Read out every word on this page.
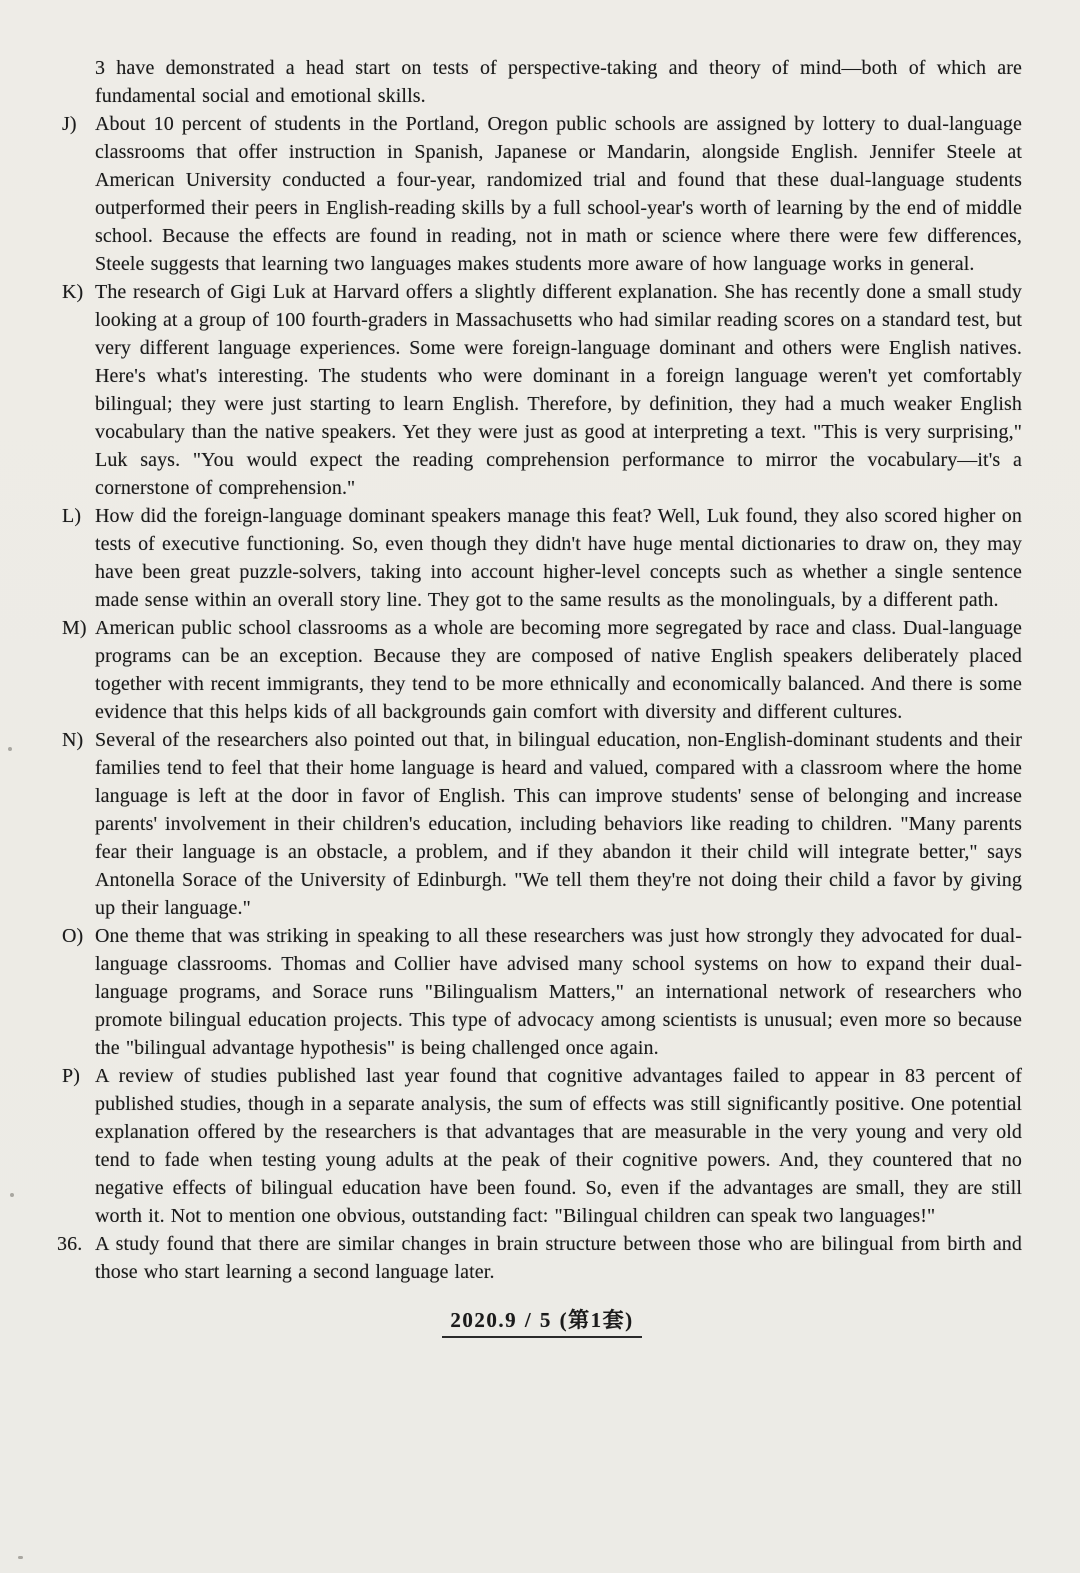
3 have demonstrated a head start on tests of perspective-taking and theory of mind—both of which are fundamental social and emotional skills.

J) About 10 percent of students in the Portland, Oregon public schools are assigned by lottery to dual-language classrooms that offer instruction in Spanish, Japanese or Mandarin, alongside English. Jennifer Steele at American University conducted a four-year, randomized trial and found that these dual-language students outperformed their peers in English-reading skills by a full school-year's worth of learning by the end of middle school. Because the effects are found in reading, not in math or science where there were few differences, Steele suggests that learning two languages makes students more aware of how language works in general.

K) The research of Gigi Luk at Harvard offers a slightly different explanation. She has recently done a small study looking at a group of 100 fourth-graders in Massachusetts who had similar reading scores on a standard test, but very different language experiences. Some were foreign-language dominant and others were English natives. Here's what's interesting. The students who were dominant in a foreign language weren't yet comfortably bilingual; they were just starting to learn English. Therefore, by definition, they had a much weaker English vocabulary than the native speakers. Yet they were just as good at interpreting a text. "This is very surprising," Luk says. "You would expect the reading comprehension performance to mirror the vocabulary—it's a cornerstone of comprehension."

L) How did the foreign-language dominant speakers manage this feat? Well, Luk found, they also scored higher on tests of executive functioning. So, even though they didn't have huge mental dictionaries to draw on, they may have been great puzzle-solvers, taking into account higher-level concepts such as whether a single sentence made sense within an overall story line. They got to the same results as the monolinguals, by a different path.

M) American public school classrooms as a whole are becoming more segregated by race and class. Dual-language programs can be an exception. Because they are composed of native English speakers deliberately placed together with recent immigrants, they tend to be more ethnically and economically balanced. And there is some evidence that this helps kids of all backgrounds gain comfort with diversity and different cultures.

N) Several of the researchers also pointed out that, in bilingual education, non-English-dominant students and their families tend to feel that their home language is heard and valued, compared with a classroom where the home language is left at the door in favor of English. This can improve students' sense of belonging and increase parents' involvement in their children's education, including behaviors like reading to children. "Many parents fear their language is an obstacle, a problem, and if they abandon it their child will integrate better," says Antonella Sorace of the University of Edinburgh. "We tell them they're not doing their child a favor by giving up their language."

O) One theme that was striking in speaking to all these researchers was just how strongly they advocated for dual-language classrooms. Thomas and Collier have advised many school systems on how to expand their dual-language programs, and Sorace runs "Bilingualism Matters," an international network of researchers who promote bilingual education projects. This type of advocacy among scientists is unusual; even more so because the "bilingual advantage hypothesis" is being challenged once again.

P) A review of studies published last year found that cognitive advantages failed to appear in 83 percent of published studies, though in a separate analysis, the sum of effects was still significantly positive. One potential explanation offered by the researchers is that advantages that are measurable in the very young and very old tend to fade when testing young adults at the peak of their cognitive powers. And, they countered that no negative effects of bilingual education have been found. So, even if the advantages are small, they are still worth it. Not to mention one obvious, outstanding fact: "Bilingual children can speak two languages!"

36. A study found that there are similar changes in brain structure between those who are bilingual from birth and those who start learning a second language later.

2020.9 / 5 (第1套)
